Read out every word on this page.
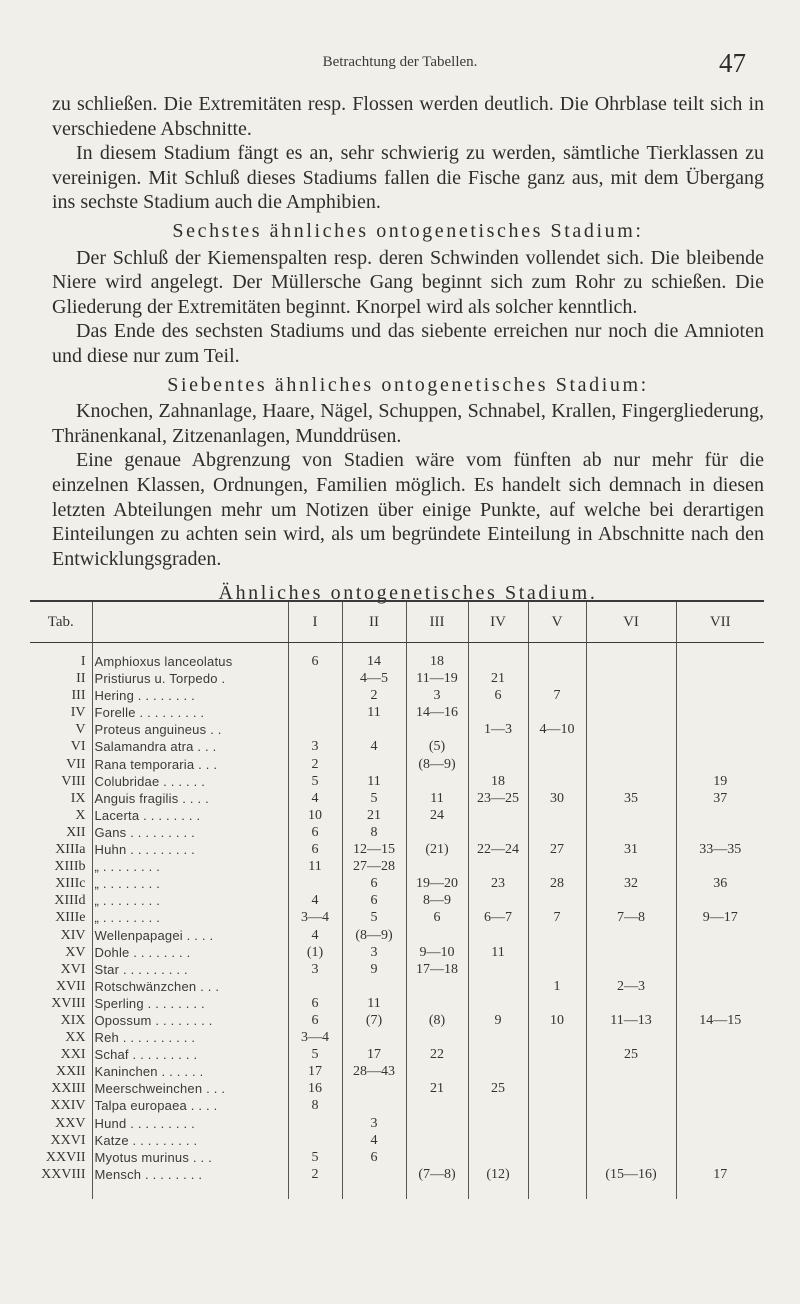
Betrachtung der Tabellen.	47

zu schließen. Die Extremitäten resp. Flossen werden deutlich. Die Ohrblase teilt sich in verschiedene Abschnitte.

In diesem Stadium fängt es an, sehr schwierig zu werden, sämtliche Tierklassen zu vereinigen. Mit Schluß dieses Stadiums fallen die Fische ganz aus, mit dem Übergang ins sechste Stadium auch die Amphibien.

Sechstes ähnliches ontogenetisches Stadium:

Der Schluß der Kiemenspalten resp. deren Schwinden vollendet sich. Die bleibende Niere wird angelegt. Der Müllersche Gang beginnt sich zum Rohr zu schießen. Die Gliederung der Extremitäten beginnt. Knorpel wird als solcher kenntlich.

Das Ende des sechsten Stadiums und das siebente erreichen nur noch die Amnioten und diese nur zum Teil.

Siebentes ähnliches ontogenetisches Stadium:

Knochen, Zahnanlage, Haare, Nägel, Schuppen, Schnabel, Krallen, Fingergliederung, Thränenkanal, Zitzenanlagen, Munddrüsen.

Eine genaue Abgrenzung von Stadien wäre vom fünften ab nur mehr für die einzelnen Klassen, Ordnungen, Familien möglich. Es handelt sich demnach in diesen letzten Abteilungen mehr um Notizen über einige Punkte, auf welche bei derartigen Einteilungen zu achten sein wird, als um begründete Einteilung in Abschnitte nach den Entwicklungsgraden.

Ähnliches ontogenetisches Stadium.
Tab.		I	II	III	IV	V	VI	VII
I	Amphioxus lanceolatus	6	14	18				
II	Pristiurus u. Torpedo .		4—5	11—19	21			
III	Hering . . . . . . . .		2	3	6	7		
IV	Forelle . . . . . . . . .		11	14—16				
V	Proteus anguineus . .				1—3	4—10		
VI	Salamandra atra . . .	3	4	(5)				
VII	Rana temporaria . . .	2		(8—9)				
VIII	Colubridae . . . . . .	5	11		18			19
IX	Anguis fragilis . . . .	4	5	11	23—25	30	35	37
X	Lacerta . . . . . . . .	10	21	24				
XII	Gans . . . . . . . . .	6	8					
XIIIa	Huhn . . . . . . . . .	6	12—15	(21)	22—24	27	31	33—35
XIIIb	„ . . . . . . . .	11	27—28					
XIIIc	„ . . . . . . . .		6	19—20	23	28	32	36
XIIId	„ . . . . . . . .	4	6	8—9				
XIIIe	„ . . . . . . . .	3—4	5	6	6—7	7	7—8	9—17
XIV	Wellenpapagei . . . .	4	(8—9)					
XV	Dohle . . . . . . . .	(1)	3	9—10	11			
XVI	Star . . . . . . . . .	3	9	17—18				
XVII	Rotschwänzchen . . .					1	2—3	
XVIII	Sperling . . . . . . . .	6	11					
XIX	Opossum . . . . . . . .	6	(7)	(8)	9	10	11—13	14—15
XX	Reh . . . . . . . . . .	3—4						
XXI	Schaf . . . . . . . . .	5	17	22			25	
XXII	Kaninchen . . . . . .	17	28—43					
XXIII	Meerschweinchen . . .	16		21	25			
XXIV	Talpa europaea . . . .	8						
XXV	Hund . . . . . . . . .		3					
XXVI	Katze . . . . . . . . .		4					
XXVII	Myotus murinus . . .	5	6					
XXVIII	Mensch . . . . . . . .	2		(7—8)	(12)		(15—16)	17
